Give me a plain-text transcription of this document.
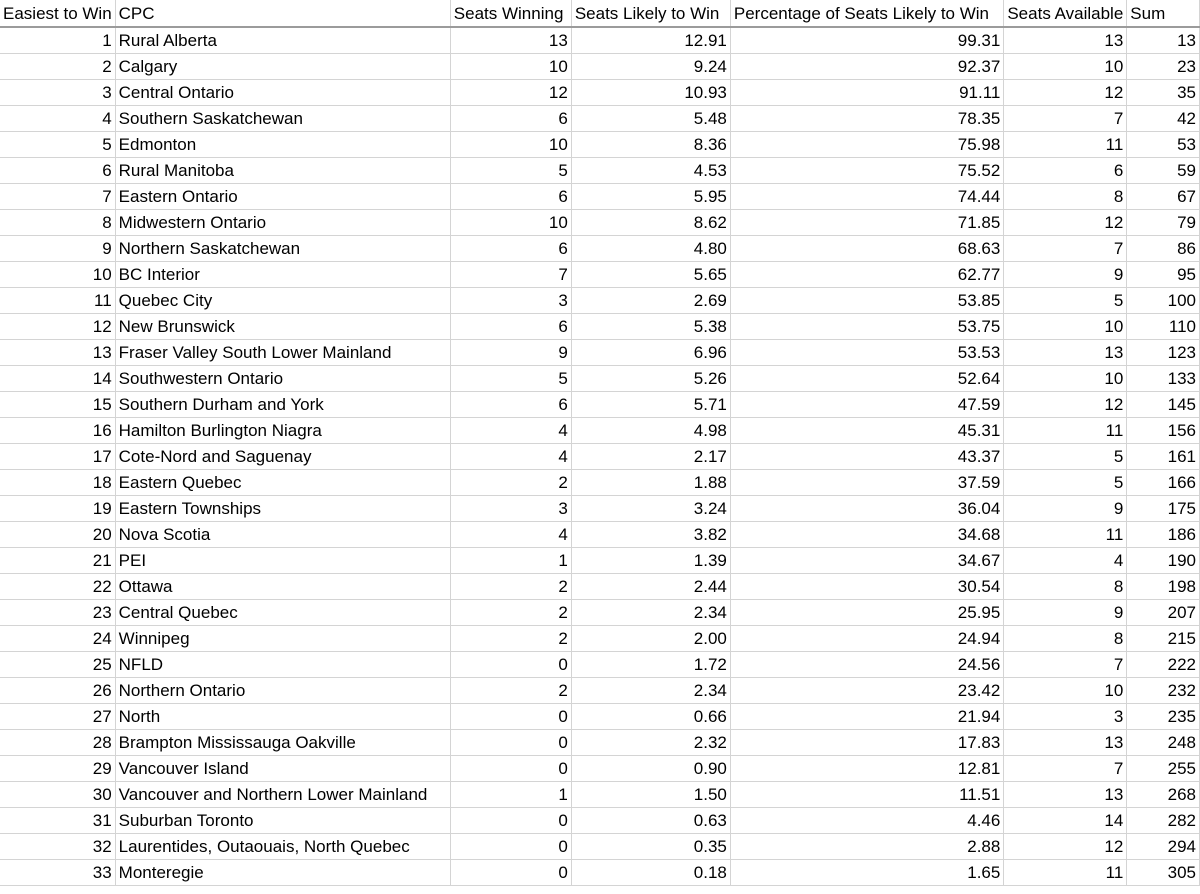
Easiest to Win	CPC	Seats Winning	Seats Likely to Win	Percentage of Seats Likely to Win	Seats Available	Sum
1	Rural Alberta	13	12.91	99.31	13	13
2	Calgary	10	9.24	92.37	10	23
3	Central Ontario	12	10.93	91.11	12	35
4	Southern Saskatchewan	6	5.48	78.35	7	42
5	Edmonton	10	8.36	75.98	11	53
6	Rural Manitoba	5	4.53	75.52	6	59
7	Eastern Ontario	6	5.95	74.44	8	67
8	Midwestern Ontario	10	8.62	71.85	12	79
9	Northern Saskatchewan	6	4.80	68.63	7	86
10	BC Interior	7	5.65	62.77	9	95
11	Quebec City	3	2.69	53.85	5	100
12	New Brunswick	6	5.38	53.75	10	110
13	Fraser Valley South Lower Mainland	9	6.96	53.53	13	123
14	Southwestern Ontario	5	5.26	52.64	10	133
15	Southern Durham and York	6	5.71	47.59	12	145
16	Hamilton Burlington Niagra	4	4.98	45.31	11	156
17	Cote-Nord and Saguenay	4	2.17	43.37	5	161
18	Eastern Quebec	2	1.88	37.59	5	166
19	Eastern Townships	3	3.24	36.04	9	175
20	Nova Scotia	4	3.82	34.68	11	186
21	PEI	1	1.39	34.67	4	190
22	Ottawa	2	2.44	30.54	8	198
23	Central Quebec	2	2.34	25.95	9	207
24	Winnipeg	2	2.00	24.94	8	215
25	NFLD	0	1.72	24.56	7	222
26	Northern Ontario	2	2.34	23.42	10	232
27	North	0	0.66	21.94	3	235
28	Brampton Mississauga Oakville	0	2.32	17.83	13	248
29	Vancouver Island	0	0.90	12.81	7	255
30	Vancouver and Northern Lower Mainland	1	1.50	11.51	13	268
31	Suburban Toronto	0	0.63	4.46	14	282
32	Laurentides, Outaouais, North Quebec	0	0.35	2.88	12	294
33	Monteregie	0	0.18	1.65	11	305
